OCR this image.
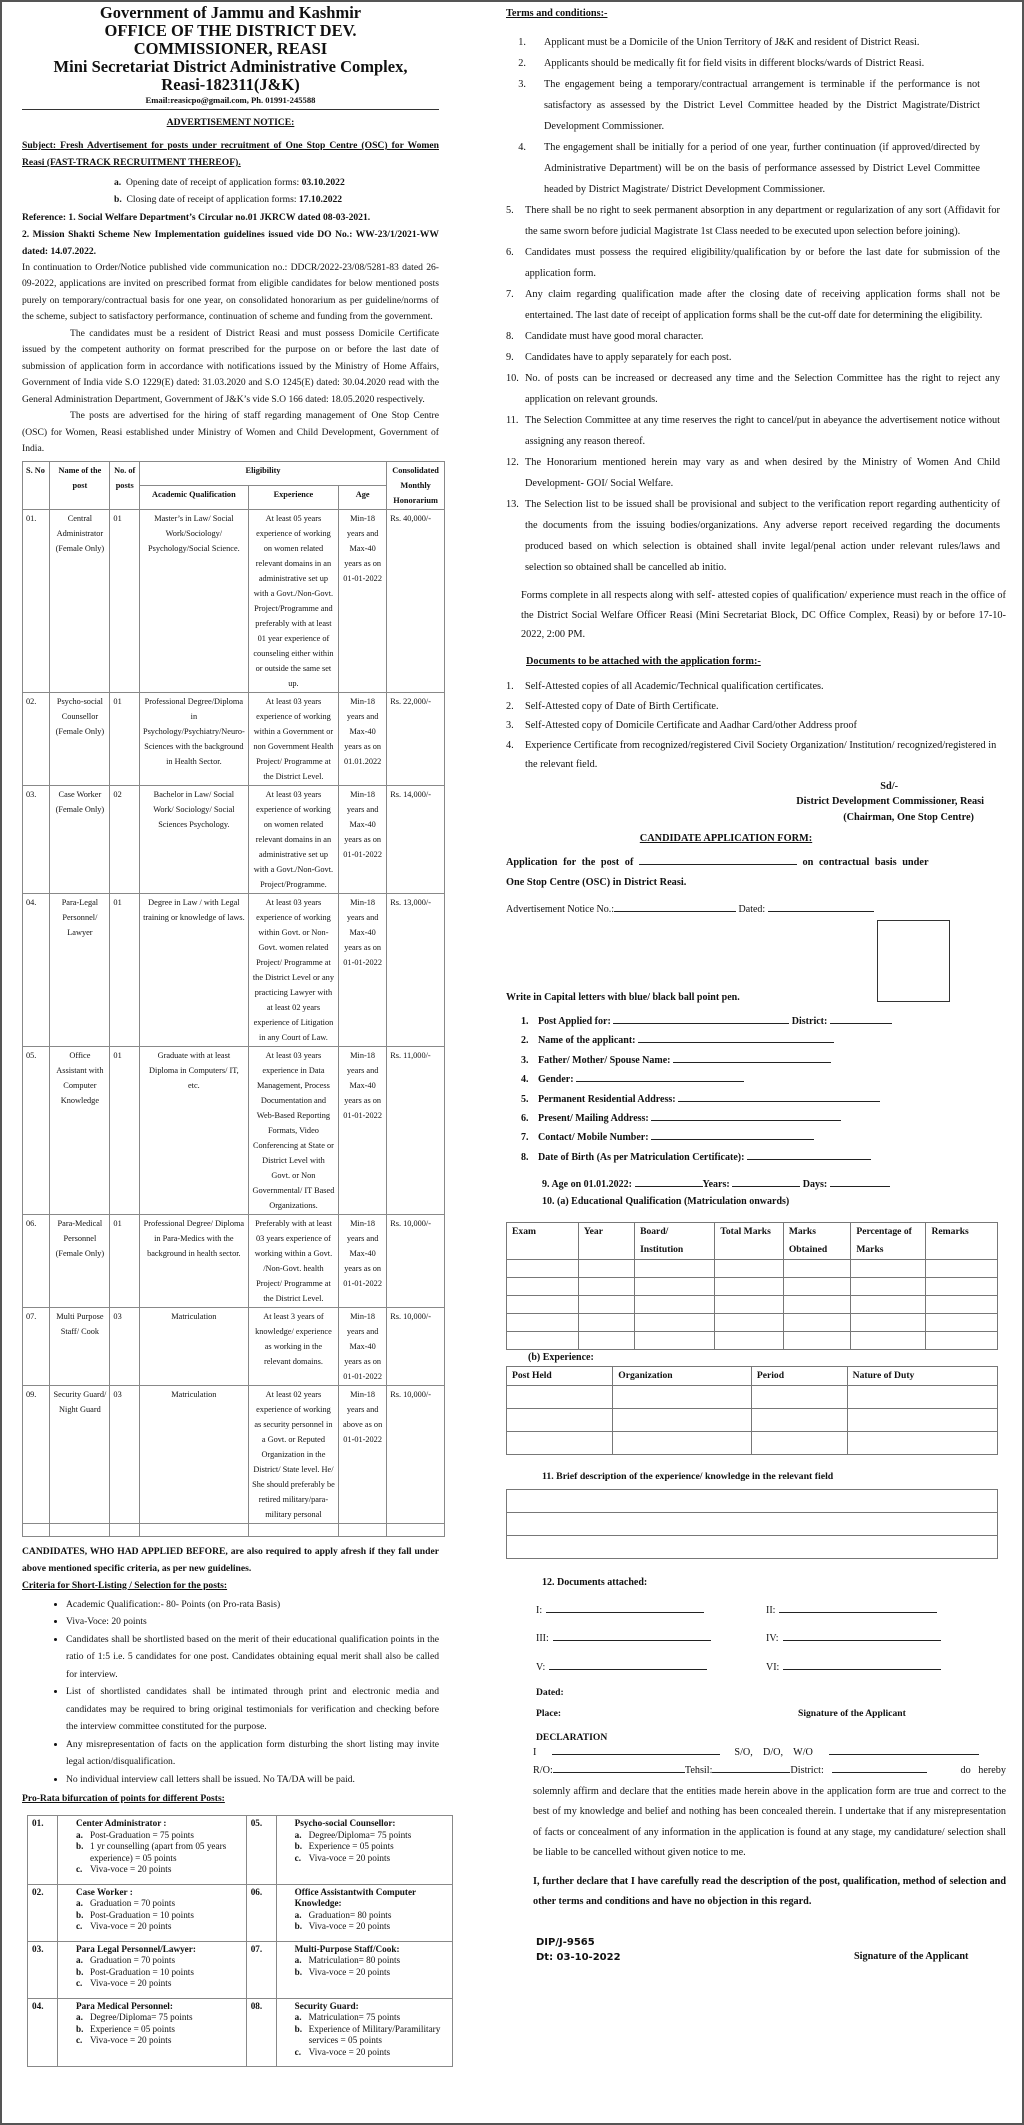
Government of Jammu and Kashmir
OFFICE OF THE DISTRICT DEV.
COMMISSIONER, REASI
Mini Secretariat District Administrative Complex,
Reasi-182311(J&K)
Email:reasicpo@gmail.com, Ph. 01991-245588
ADVERTISEMENT NOTICE:

Subject: Fresh Advertisement for posts under recruitment of One Stop Centre (OSC) for Women Reasi (FAST-TRACK RECRUITMENT THEREOF).

a. Opening date of receipt of application forms: 03.10.2022
b. Closing date of receipt of application forms: 17.10.2022

Reference: 1. Social Welfare Department’s Circular no.01 JKRCW dated 08-03-2021.

2. Mission Shakti Scheme New Implementation guidelines issued vide DO No.: WW-23/1/2021-WW dated: 14.07.2022.

In continuation to Order/Notice published vide communication no.: DDCR/2022-23/08/5281-83 dated 26-09-2022, applications are invited on prescribed format from eligible candidates for below mentioned posts purely on temporary/contractual basis for one year, on consolidated honorarium as per guideline/norms of the scheme, subject to satisfactory performance, continuation of scheme and funding from the government.

The candidates must be a resident of District Reasi and must possess Domicile Certificate issued by the competent authority on format prescribed for the purpose on or before the last date of submission of application form in accordance with notifications issued by the Ministry of Home Affairs, Government of India vide S.O 1229(E) dated: 31.03.2020 and S.O 1245(E) dated: 30.04.2020 read with the General Administration Department, Government of J&K’s vide S.O 166 dated: 18.05.2020 respectively.

The posts are advertised for the hiring of staff regarding management of One Stop Centre (OSC) for Women, Reasi established under Ministry of Women and Child Development, Government of India.

S. No	Name of the post	No. of posts	Eligibility			Consolidated Monthly Honorarium
			Academic Qualification	Experience	Age	
01.	Central Administrator (Female Only)	01	Master’s in Law/ Social Work/Sociology/ Psychology/Social Science.	At least 05 years experience of working on women related relevant domains in an administrative set up with a Govt./Non-Govt. Project/Programme and preferably with at least 01 year experience of counseling either within or outside the same set up.	Min-18 years and Max-40 years as on 01-01-2022	Rs. 40,000/-
02.	Psycho-social Counsellor (Female Only)	01	Professional Degree/Diploma in Psychology/Psychiatry/Neuro-Sciences with the background in Health Sector.	At least 03 years experience of working within a Government or non Government Health Project/ Programme at the District Level.	Min-18 years and Max-40 years as on 01.01.2022	Rs. 22,000/-
03.	Case Worker (Female Only)	02	Bachelor in Law/ Social Work/ Sociology/ Social Sciences Psychology.	At least 03 years experience of working on women related relevant domains in an administrative set up with a Govt./Non-Govt. Project/Programme.	Min-18 years and Max-40 years as on 01-01-2022	Rs. 14,000/-
04.	Para-Legal Personnel/ Lawyer	01	Degree in Law / with Legal training or knowledge of laws.	At least 03 years experience of working within Govt. or Non-Govt. women related Project/ Programme at the District Level or any practicing Lawyer with at least 02 years experience of Litigation in any Court of Law.	Min-18 years and Max-40 years as on 01-01-2022	Rs. 13,000/-
05.	Office Assistant with Computer Knowledge	01	Graduate with at least Diploma in Computers/ IT, etc.	At least 03 years experience in Data Management, Process Documentation and Web-Based Reporting Formats, Video Conferencing at State or District Level with Govt. or Non Governmental/ IT Based Organizations.	Min-18 years and Max-40 years as on 01-01-2022	Rs. 11,000/-
06.	Para-Medical Personnel (Female Only)	01	Professional Degree/ Diploma in Para-Medics with the background in health sector.	Preferably with at least 03 years experience of working within a Govt. /Non-Govt. health Project/ Programme at the District Level.	Min-18 years and Max-40 years as on 01-01-2022	Rs. 10,000/-
07.	Multi Purpose Staff/ Cook	03	Matriculation	At least 3 years of knowledge/ experience as working in the relevant domains.	Min-18 years and Max-40 years as on 01-01-2022	Rs. 10,000/-
09.	Security Guard/ Night Guard	03	Matriculation	At least 02 years experience of working as security personnel in a Govt. or Reputed Organization in the District/ State level. He/ She should preferably be retired military/para-military personal	Min-18 years and above as on 01-01-2022	Rs. 10,000/-

CANDIDATES, WHO HAD APPLIED BEFORE, are also required to apply afresh if they fall under above mentioned specific criteria, as per new guidelines.

Criteria for Short-Listing / Selection for the posts:
• Academic Qualification:- 80- Points (on Pro-rata Basis)
• Viva-Voce: 20 points
• Candidates shall be shortlisted based on the merit of their educational qualification points in the ratio of 1:5 i.e. 5 candidates for one post. Candidates obtaining equal merit shall also be called for interview.
• List of shortlisted candidates shall be intimated through print and electronic media and candidates may be required to bring original testimonials for verification and checking before the interview committee constituted for the purpose.
• Any misrepresentation of facts on the application form disturbing the short listing may invite legal action/disqualification.
• No individual interview call letters shall be issued. No TA/DA will be paid.
Pro-Rata bifurcation of points for different Posts:
01.	Center Administrator :
a. Post-Graduation = 75 points
b. 1 yr counselling (apart from 05 years experience) = 05 points
c. Viva-voce = 20 points
	05.	Psycho-social Counsellor:
a. Degree/Diploma= 75 points
b. Experience = 05 points
c. Viva-voce = 20 points

02.	Case Worker :
a. Graduation = 70 points
b. Post-Graduation = 10 points
c. Viva-voce = 20 points
	06.	Office Assistantwith Computer Knowledge:
a. Graduation= 80 points
b. Viva-voce = 20 points

03.	Para Legal Personnel/Lawyer:
a. Graduation = 70 points
b. Post-Graduation = 10 points
c. Viva-voce = 20 points
	07.	Multi-Purpose Staff/Cook:
a. Matriculation= 80 points
b. Viva-voce = 20 points

04.	Para Medical Personnel:
a. Degree/Diploma= 75 points
b. Experience = 05 points
c. Viva-voce = 20 points
	08.	Security Guard:
a. Matriculation= 75 points
b. Experience of Military/Paramilitary services = 05 points
c. Viva-voce = 20 points
Terms and conditions:-
1.	Applicant must be a Domicile of the Union Territory of J&K and resident of District Reasi.
2.	Applicants should be medically fit for field visits in different blocks/wards of District Reasi.
3.	The engagement being a temporary/contractual arrangement is terminable if the performance is not satisfactory as assessed by the District Level Committee headed by the District Magistrate/District Development Commissioner.
4.	The engagement shall be initially for a period of one year, further continuation (if approved/directed by Administrative Department) will be on the basis of performance assessed by District Level Committee headed by District Magistrate/ District Development Commissioner.
5.	There shall be no right to seek permanent absorption in any department or regularization of any sort (Affidavit for the same sworn before judicial Magistrate 1st Class needed to be executed upon selection before joining).
6.	Candidates must possess the required eligibility/qualification by or before the last date for submission of the application form.
7.	Any claim regarding qualification made after the closing date of receiving application forms shall not be entertained. The last date of receipt of application forms shall be the cut-off date for determining the eligibility.
8.	Candidate must have good moral character.
9.	Candidates have to apply separately for each post.
10. No. of posts can be increased or decreased any time and the Selection Committee has the right to reject any application on relevant grounds.
11. The Selection Committee at any time reserves the right to cancel/put in abeyance the advertisement notice without assigning any reason thereof.
12. The Honorarium mentioned herein may vary as and when desired by the Ministry of Women And Child Development- GOI/ Social Welfare.
13. The Selection list to be issued shall be provisional and subject to the verification report regarding authenticity of the documents from the issuing bodies/organizations. Any adverse report received regarding the documents produced based on which selection is obtained shall invite legal/penal action under relevant rules/laws and selection so obtained shall be cancelled ab initio.

Forms complete in all respects along with self- attested copies of qualification/ experience must reach in the office of the District Social Welfare Officer Reasi (Mini Secretariat Block, DC Office Complex, Reasi) by or before 17-10-2022, 2:00 PM.

Documents to be attached with the application form:-
1.	Self-Attested copies of all Academic/Technical qualification certificates.
2.	Self-Attested copy of Date of Birth Certificate.
3.	Self-Attested copy of Domicile Certificate and Aadhar Card/other Address proof
4.	Experience Certificate from recognized/registered Civil Society Organization/ Institution/ recognized/registered in the relevant field.
Sd/-
District Development Commissioner, Reasi
(Chairman, One Stop Centre)
CANDIDATE APPLICATION FORM:
Application for the post of	on contractual basis under
One Stop Centre (OSC) in District Reasi.
Advertisement Notice No.:	Dated:
Write in Capital letters with blue/ black ball point pen.
1. Post Applied for:	District:
2. Name of the applicant:
3. Father/ Mother/ Spouse Name:
4. Gender:
5. Permanent Residential Address:
6. Present/ Mailing Address:
7. Contact/ Mobile Number:
8. Date of Birth (As per Matriculation Certificate):
9. Age on 01.01.2022:	Years:	Days:
10. (a) Educational Qualification (Matriculation onwards)
Exam	Year	Board/ Institution	Total Marks	Marks Obtained	Percentage of Marks	Remarks

(b) Experience:
Post Held	Organization	Period	Nature of Duty

11. Brief description of the experience/ knowledge in the relevant field

12. Documents attached:
I:	II:
III:	IV:
V:	VI:
Dated:
Place:	Signature of the Applicant
DECLARATION
I	S/O,    D/O,    W/O
R/O:	Tehsil:	District:	do hereby

solemnly affirm and declare that the entities made herein above in the application form are true and correct to the best of my knowledge and belief and nothing has been concealed therein. I undertake that if any misrepresentation of facts or concealment of any information in the application is found at any stage, my candidature/ selection shall be liable to be cancelled without given notice to me.

I, further declare that I have carefully read the description of the post, qualification, method of selection and other terms and conditions and have no objection in this regard.

DIP/J-9565
Dt: 03-10-2022	Signature of the Applicant
